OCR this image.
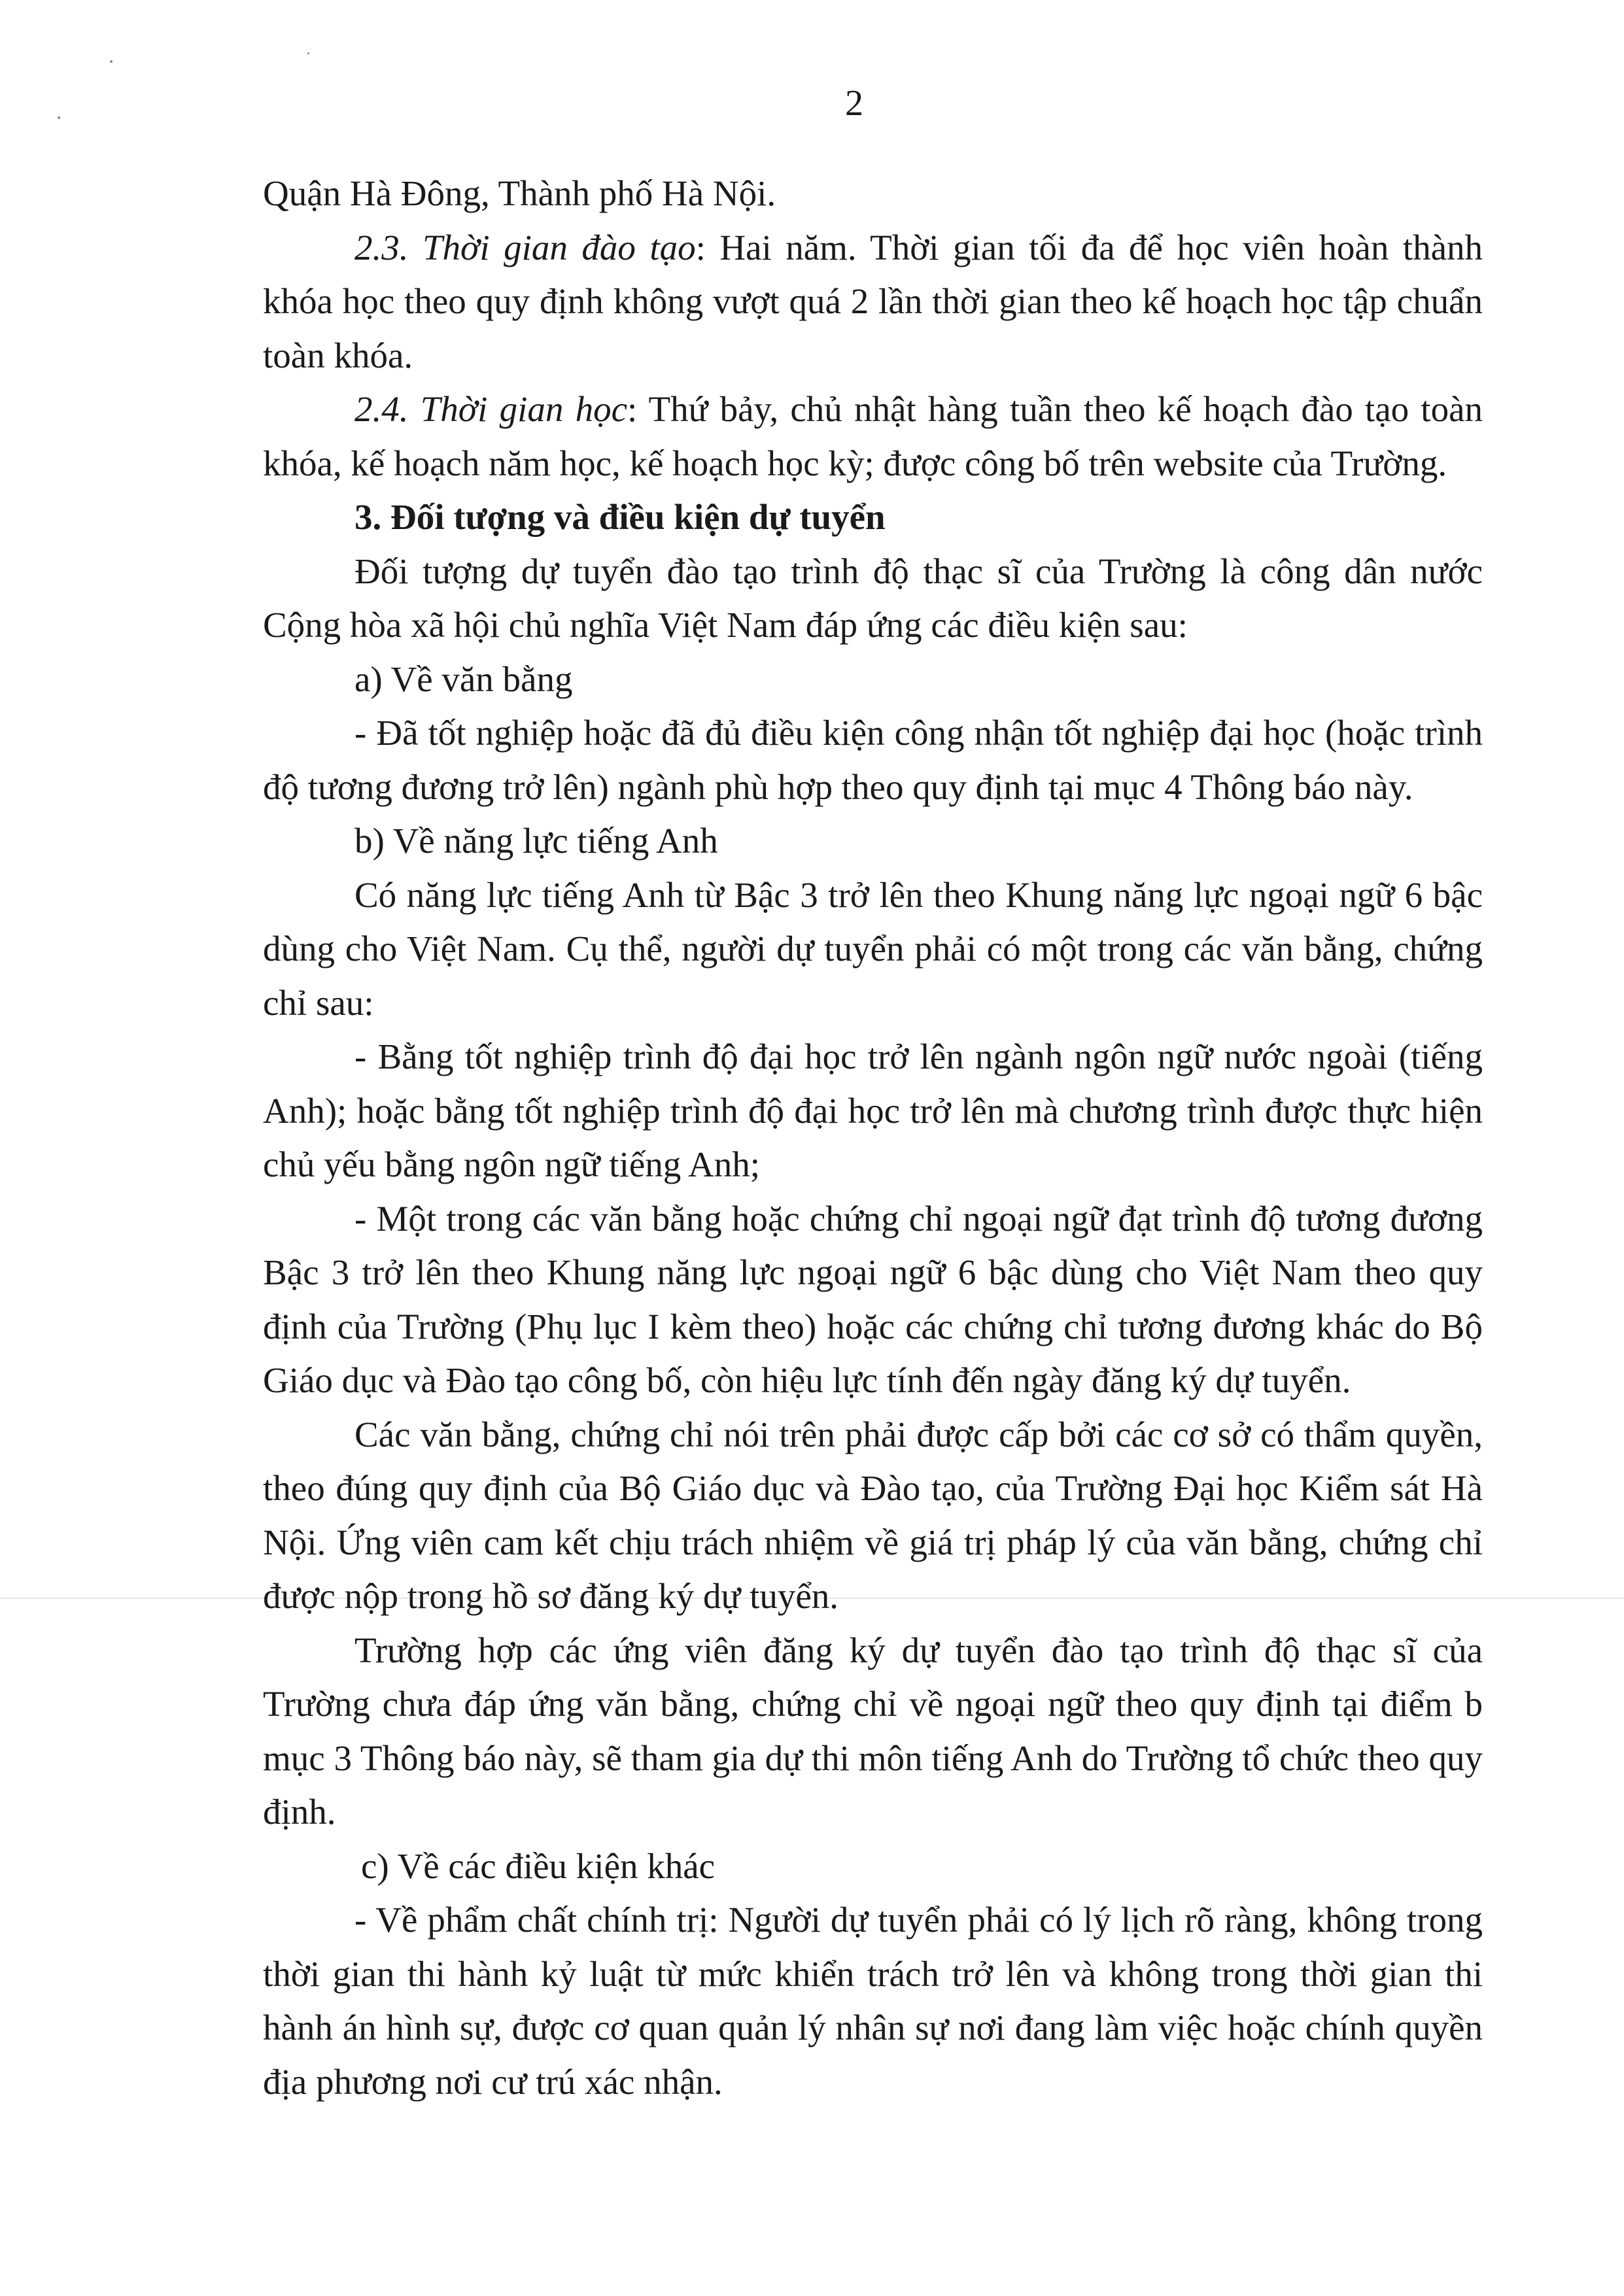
2

Quận Hà Đông, Thành phố Hà Nội.

2.3. Thời gian đào tạo: Hai năm. Thời gian tối đa để học viên hoàn thành khóa học theo quy định không vượt quá 2 lần thời gian theo kế hoạch học tập chuẩn toàn khóa.

2.4. Thời gian học: Thứ bảy, chủ nhật hàng tuần theo kế hoạch đào tạo toàn khóa, kế hoạch năm học, kế hoạch học kỳ; được công bố trên website của Trường.

3. Đối tượng và điều kiện dự tuyển

Đối tượng dự tuyển đào tạo trình độ thạc sĩ của Trường là công dân nước Cộng hòa xã hội chủ nghĩa Việt Nam đáp ứng các điều kiện sau:

a) Về văn bằng

- Đã tốt nghiệp hoặc đã đủ điều kiện công nhận tốt nghiệp đại học (hoặc trình độ tương đương trở lên) ngành phù hợp theo quy định tại mục 4 Thông báo này.

b) Về năng lực tiếng Anh

Có năng lực tiếng Anh từ Bậc 3 trở lên theo Khung năng lực ngoại ngữ 6 bậc dùng cho Việt Nam. Cụ thể, người dự tuyển phải có một trong các văn bằng, chứng chỉ sau:

- Bằng tốt nghiệp trình độ đại học trở lên ngành ngôn ngữ nước ngoài (tiếng Anh); hoặc bằng tốt nghiệp trình độ đại học trở lên mà chương trình được thực hiện chủ yếu bằng ngôn ngữ tiếng Anh;

- Một trong các văn bằng hoặc chứng chỉ ngoại ngữ đạt trình độ tương đương Bậc 3 trở lên theo Khung năng lực ngoại ngữ 6 bậc dùng cho Việt Nam theo quy định của Trường (Phụ lục I kèm theo) hoặc các chứng chỉ tương đương khác do Bộ Giáo dục và Đào tạo công bố, còn hiệu lực tính đến ngày đăng ký dự tuyển.

Các văn bằng, chứng chỉ nói trên phải được cấp bởi các cơ sở có thẩm quyền, theo đúng quy định của Bộ Giáo dục và Đào tạo, của Trường Đại học Kiểm sát Hà Nội. Ứng viên cam kết chịu trách nhiệm về giá trị pháp lý của văn bằng, chứng chỉ được nộp trong hồ sơ đăng ký dự tuyển.

Trường hợp các ứng viên đăng ký dự tuyển đào tạo trình độ thạc sĩ của Trường chưa đáp ứng văn bằng, chứng chỉ về ngoại ngữ theo quy định tại điểm b mục 3 Thông báo này, sẽ tham gia dự thi môn tiếng Anh do Trường tổ chức theo quy định.

c) Về các điều kiện khác

- Về phẩm chất chính trị: Người dự tuyển phải có lý lịch rõ ràng, không trong thời gian thi hành kỷ luật từ mức khiển trách trở lên và không trong thời gian thi hành án hình sự, được cơ quan quản lý nhân sự nơi đang làm việc hoặc chính quyền địa phương nơi cư trú xác nhận.
